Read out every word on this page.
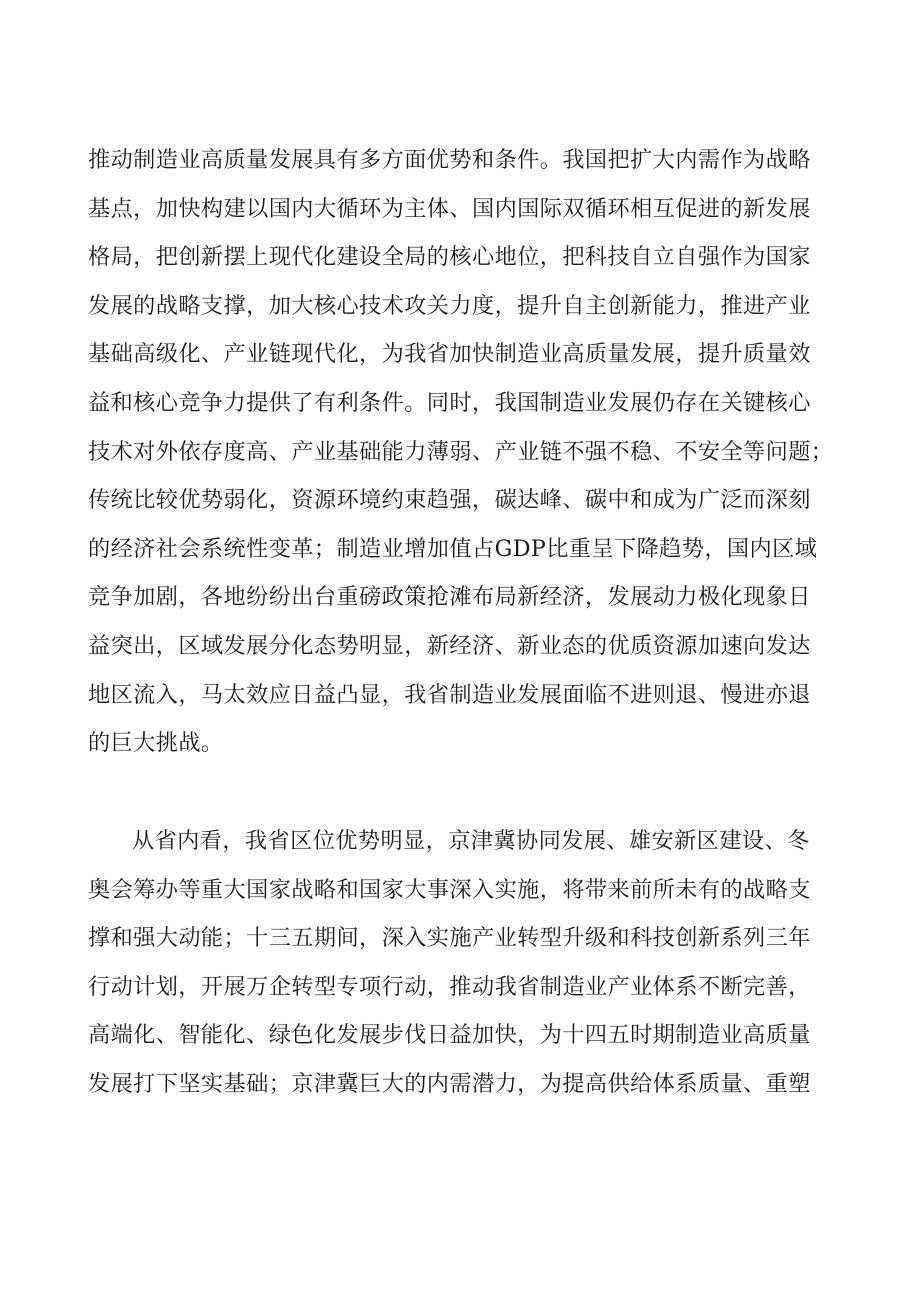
推动制造业高质量发展具有多方面优势和条件。我国把扩大内需作为战略
基点，加快构建以国内大循环为主体、国内国际双循环相互促进的新发展
格局，把创新摆上现代化建设全局的核心地位，把科技自立自强作为国家
发展的战略支撑，加大核心技术攻关力度，提升自主创新能力，推进产业
基础高级化、产业链现代化，为我省加快制造业高质量发展，提升质量效
益和核心竞争力提供了有利条件。同时，我国制造业发展仍存在关键核心
技术对外依存度高、产业基础能力薄弱、产业链不强不稳、不安全等问题；
传统比较优势弱化，资源环境约束趋强，碳达峰、碳中和成为广泛而深刻
的经济社会系统性变革；制造业增加值占GDP比重呈下降趋势，国内区域
竞争加剧，各地纷纷出台重磅政策抢滩布局新经济，发展动力极化现象日
益突出，区域发展分化态势明显，新经济、新业态的优质资源加速向发达
地区流入，马太效应日益凸显，我省制造业发展面临不进则退、慢进亦退
的巨大挑战。
从省内看，我省区位优势明显，京津冀协同发展、雄安新区建设、冬
奥会筹办等重大国家战略和国家大事深入实施，将带来前所未有的战略支
撑和强大动能；十三五期间，深入实施产业转型升级和科技创新系列三年
行动计划，开展万企转型专项行动，推动我省制造业产业体系不断完善，
高端化、智能化、绿色化发展步伐日益加快，为十四五时期制造业高质量
发展打下坚实基础；京津冀巨大的内需潜力，为提高供给体系质量、重塑
